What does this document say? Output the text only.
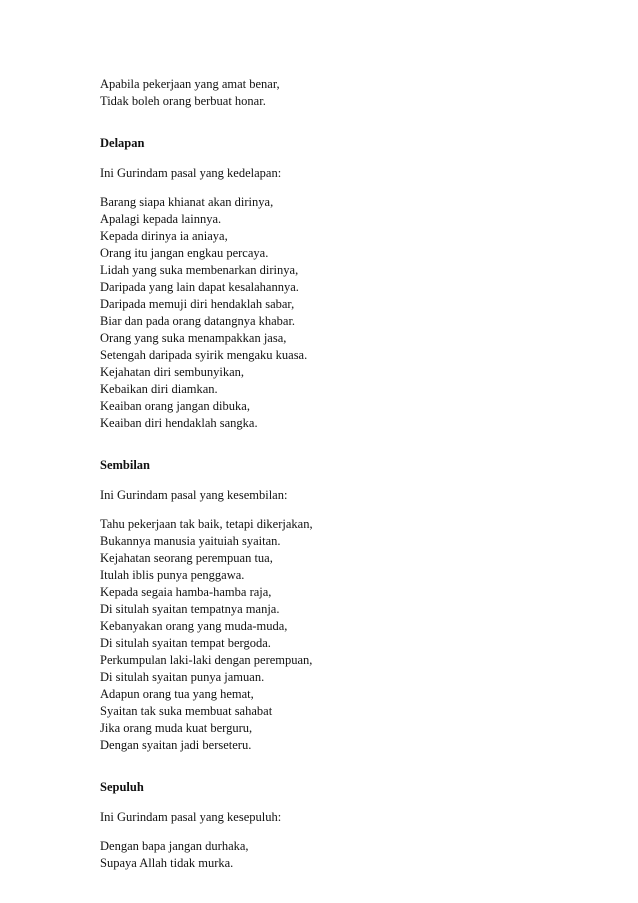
Apabila pekerjaan yang amat benar,
Tidak boleh orang berbuat honar.
Delapan
Ini Gurindam pasal yang kedelapan:
Barang siapa khianat akan dirinya,
Apalagi kepada lainnya.
Kepada dirinya ia aniaya,
Orang itu jangan engkau percaya.
Lidah yang suka membenarkan dirinya,
Daripada yang lain dapat kesalahannya.
Daripada memuji diri hendaklah sabar,
Biar dan pada orang datangnya khabar.
Orang yang suka menampakkan jasa,
Setengah daripada syirik mengaku kuasa.
Kejahatan diri sembunyikan,
Kebaikan diri diamkan.
Keaiban orang jangan dibuka,
Keaiban diri hendaklah sangka.
Sembilan
Ini Gurindam pasal yang kesembilan:
Tahu pekerjaan tak baik, tetapi dikerjakan,
Bukannya manusia yaituiah syaitan.
Kejahatan seorang perempuan tua,
Itulah iblis punya penggawa.
Kepada segaia hamba-hamba raja,
Di situlah syaitan tempatnya manja.
Kebanyakan orang yang muda-muda,
Di situlah syaitan tempat bergoda.
Perkumpulan laki-laki dengan perempuan,
Di situlah syaitan punya jamuan.
Adapun orang tua yang hemat,
Syaitan tak suka membuat sahabat
Jika orang muda kuat berguru,
Dengan syaitan jadi berseteru.
Sepuluh
Ini Gurindam pasal yang kesepuluh:
Dengan bapa jangan durhaka,
Supaya Allah tidak murka.
